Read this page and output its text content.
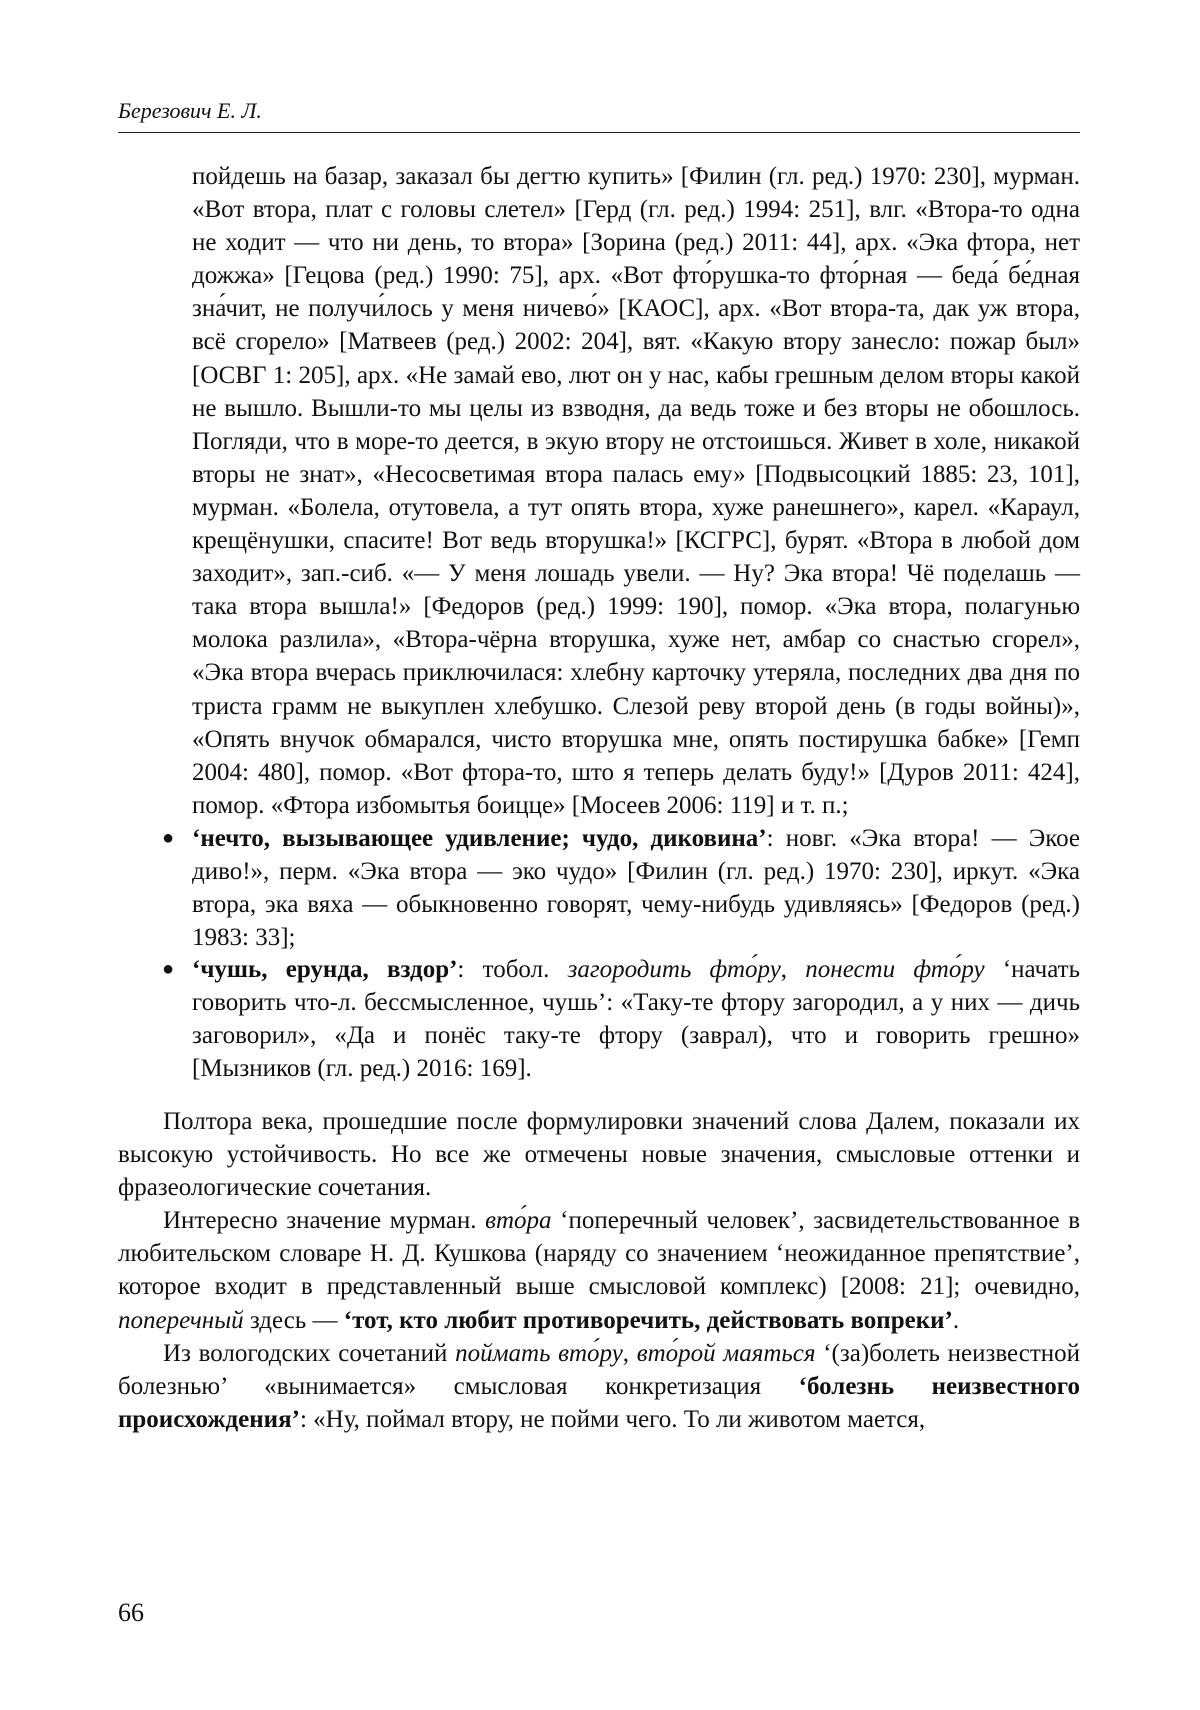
Березович Е. Л.
пойдешь на базар, заказал бы дегтю купить» [Филин (гл. ред.) 1970: 230], мурман. «Вот втора, плат с головы слетел» [Герд (гл. ред.) 1994: 251], влг. «Втора-то одна не ходит — что ни день, то втора» [Зорина (ред.) 2011: 44], арх. «Эка фтора, нет дожжа» [Гецова (ред.) 1990: 75], арх. «Вот фто́рушка-то фто́рная — беда́ бе́дная зна́чит, не получи́лось у меня ничево́» [КАОС], арх. «Вот втора-та, дак уж втора, всё сгорело» [Матвеев (ред.) 2002: 204], вят. «Какую втору занесло: пожар был» [ОСВГ 1: 205], арх. «Не замай ево, лют он у нас, кабы грешным делом вторы какой не вышло. Вышли-то мы целы из взводня, да ведь тоже и без вторы не обошлось. Погляди, что в море-то деется, в экую втору не отстоишься. Живет в холе, никакой вторы не знат», «Несосветимая втора палась ему» [Подвысоцкий 1885: 23, 101], мурман. «Болела, отутовела, а тут опять втора, хуже ранешнего», карел. «Караул, крещёнушки, спасите! Вот ведь вторушка!» [КСГРС], бурят. «Втора в любой дом заходит», зап.-сиб. «— У меня лошадь увели. — Ну? Эка втора! Чё поделашь — така втора вышла!» [Федоров (ред.) 1999: 190], помор. «Эка втора, полагунью молока разлила», «Втора-чёрна вторушка, хуже нет, амбар со снастью сгорел», «Эка втора вчерась приключилася: хлебну карточку утеряла, последних два дня по триста грамм не выкуплен хлебушко. Слезой реву второй день (в годы войны)», «Опять внучок обмарался, чисто вторушка мне, опять постирушка бабке» [Гемп 2004: 480], помор. «Вот фтора-то, што я теперь делать буду!» [Дуров 2011: 424], помор. «Фтора избомытья боицце» [Мосеев 2006: 119] и т. п.;
● ‘нечто, вызывающее удивление; чудо, диковина’: новг. «Эка втора! — Экое диво!», перм. «Эка втора — эко чудо» [Филин (гл. ред.) 1970: 230], иркут. «Эка втора, эка вяха — обыкновенно говорят, чему-нибудь удивляясь» [Федоров (ред.) 1983: 33];
● ‘чушь, ерунда, вздор’: тобол. загородить фто́ру, понести фто́ру ‘начать говорить что-л. бессмысленное, чушь’: «Таку-те фтору загородил, а у них — дичь заговорил», «Да и понёс таку-те фтору (заврал), что и говорить грешно» [Мызников (гл. ред.) 2016: 169].

Полтора века, прошедшие после формулировки значений слова Далем, показали их высокую устойчивость. Но все же отмечены новые значения, смысловые оттенки и фразеологические сочетания.

Интересно значение мурман. вто́ра ‘поперечный человек’, засвидетельствованное в любительском словаре Н. Д. Кушкова (наряду со значением ‘неожиданное препятствие’, которое входит в представленный выше смысловой комплекс) [2008: 21]; очевидно, поперечный здесь — ‘тот, кто любит противоречить, действовать вопреки’.

Из вологодских сочетаний поймать вто́ру, вто́рой маяться ‘(за)болеть неизвестной болезнью’ «вынимается» смысловая конкретизация ‘болезнь неизвестного происхождения’: «Ну, поймал втору, не пойми чего. То ли животом мается,

66
